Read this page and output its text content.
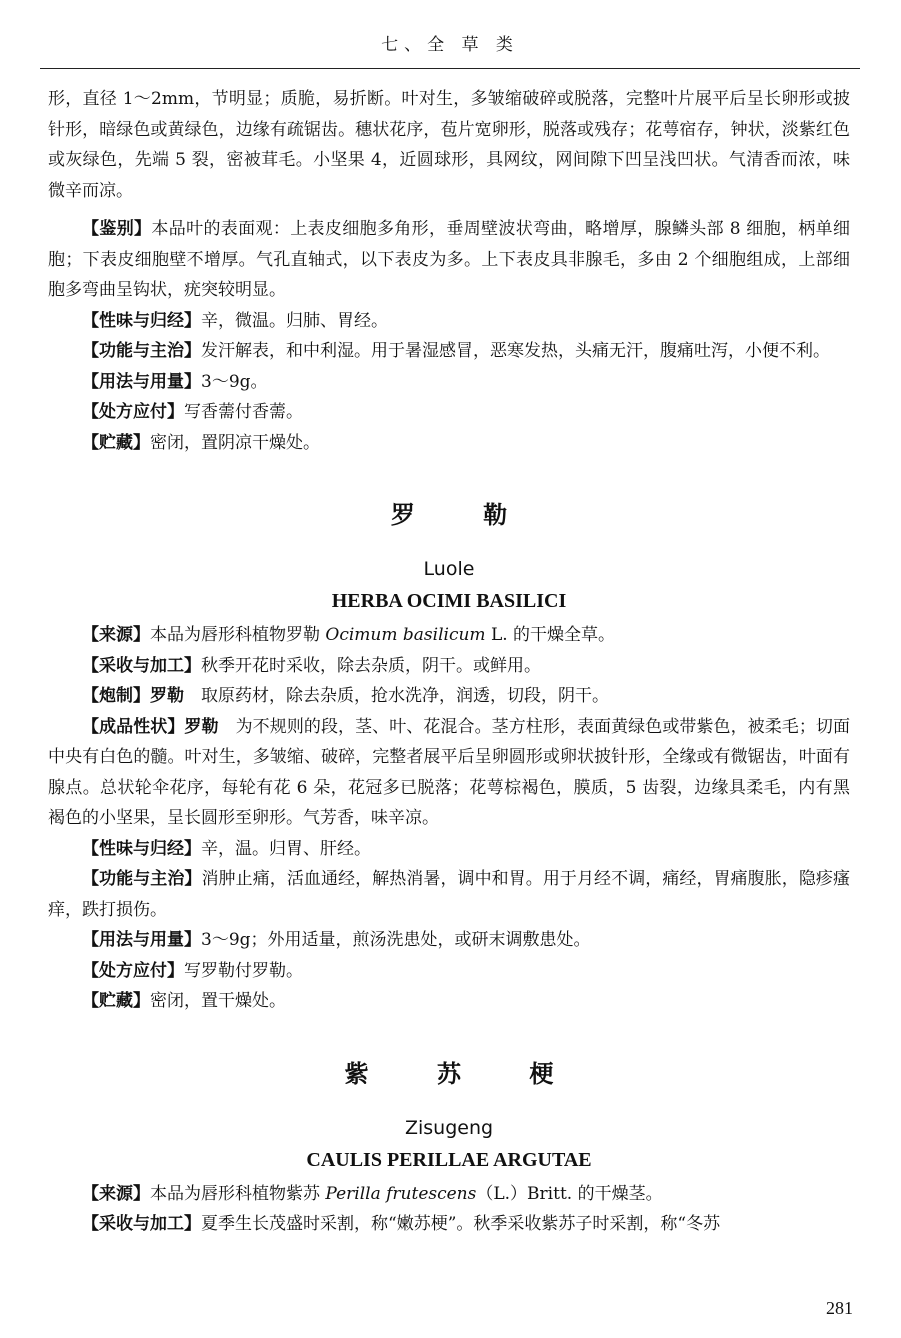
七、全 草 类

形，直径 1～2mm，节明显；质脆，易折断。叶对生，多皱缩破碎或脱落，完整叶片展平后呈长卵形或披针形，暗绿色或黄绿色，边缘有疏锯齿。穗状花序，苞片宽卵形，脱落或残存；花萼宿存，钟状，淡紫红色或灰绿色，先端 5 裂，密被茸毛。小坚果 4，近圆球形，具网纹，网间隙下凹呈浅凹状。气清香而浓，味微辛而凉。

【鉴别】本品叶的表面观：上表皮细胞多角形，垂周壁波状弯曲，略增厚，腺鳞头部 8 细胞，柄单细胞；下表皮细胞壁不增厚。气孔直轴式，以下表皮为多。上下表皮具非腺毛，多由 2 个细胞组成，上部细胞多弯曲呈钩状，疣突较明显。

【性味与归经】辛，微温。归肺、胃经。

【功能与主治】发汗解表，和中利湿。用于暑湿感冒，恶寒发热，头痛无汗，腹痛吐泻，小便不利。

【用法与用量】3～9g。

【处方应付】写香薷付香薷。

【贮藏】密闭，置阴凉干燥处。

罗 勒
Luole
HERBA OCIMI BASILICI

【来源】本品为唇形科植物罗勒 Ocimum basilicum L. 的干燥全草。

【采收与加工】秋季开花时采收，除去杂质，阴干。或鲜用。

【炮制】罗勒　取原药材，除去杂质，抢水洗净，润透，切段，阴干。

【成品性状】罗勒　为不规则的段，茎、叶、花混合。茎方柱形，表面黄绿色或带紫色，被柔毛；切面中央有白色的髓。叶对生，多皱缩、破碎，完整者展平后呈卵圆形或卵状披针形，全缘或有微锯齿，叶面有腺点。总状轮伞花序，每轮有花 6 朵，花冠多已脱落；花萼棕褐色，膜质，5 齿裂，边缘具柔毛，内有黑褐色的小坚果，呈长圆形至卵形。气芳香，味辛凉。

【性味与归经】辛，温。归胃、肝经。

【功能与主治】消肿止痛，活血通经，解热消暑，调中和胃。用于月经不调，痛经，胃痛腹胀，隐疹瘙痒，跌打损伤。

【用法与用量】3～9g；外用适量，煎汤洗患处，或研末调敷患处。

【处方应付】写罗勒付罗勒。

【贮藏】密闭，置干燥处。

紫 苏 梗
Zisugeng
CAULIS PERILLAE ARGUTAE

【来源】本品为唇形科植物紫苏 Perilla frutescens（L.）Britt. 的干燥茎。

【采收与加工】夏季生长茂盛时采割，称“嫩苏梗”。秋季采收紫苏子时采割，称“冬苏

281
